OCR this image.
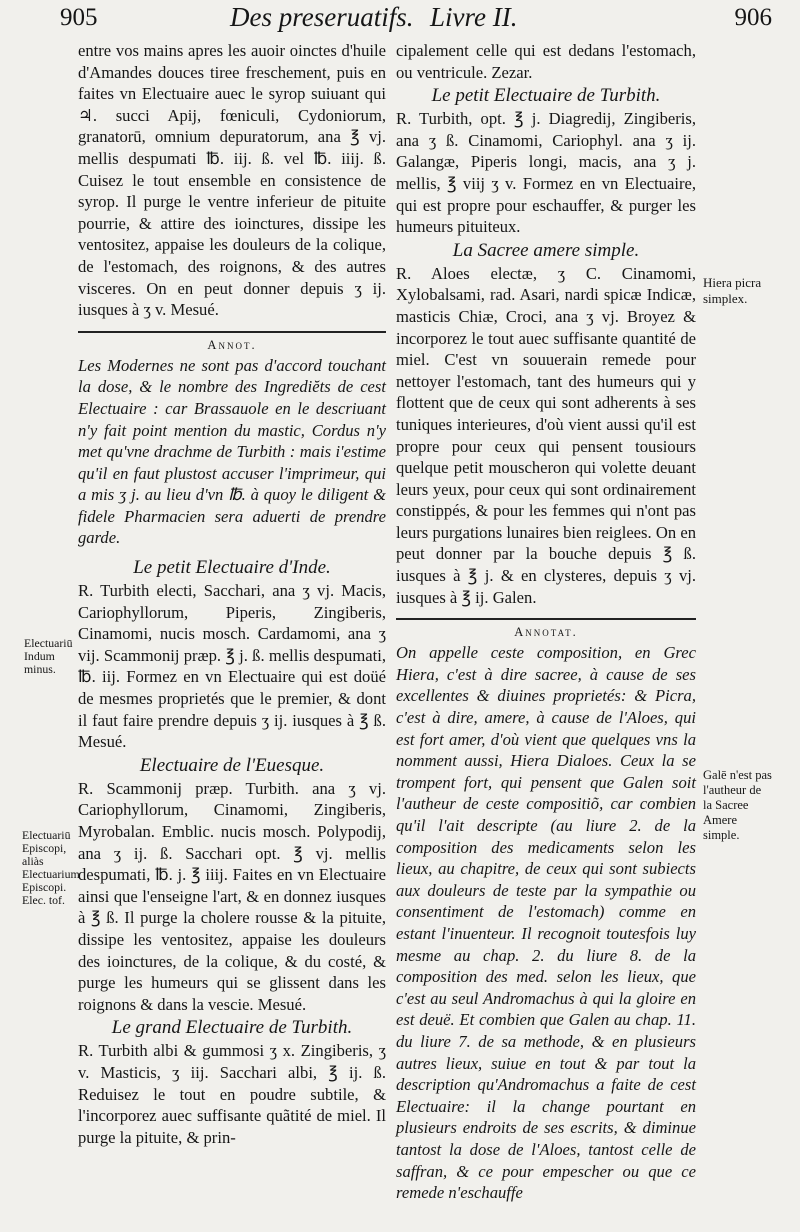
905	Des preseruatifs. Livre II.	906

entre vos mains apres les auoir oinctes d'huile d'Amandes douces tiree freschement, puis en faites vn Electuaire auec le syrop suiuant qui ♃. succi Apij, fœniculi, Cydoniorum, granatorū, omnium depuratorum, ana ℥ vj. mellis despumati ℔. iij. ß. vel ℔. iiij. ß. Cuisez le tout ensemble en consistence de syrop. Il purge le ventre inferieur de pituite pourrie, & attire des ioinctures, dissipe les ventositez, appaise les douleurs de la colique, de l'estomach, des roignons, & des autres visceres. On en peut donner depuis ʒ ij. iusques à ʒ v. Mesué.

Annot.

Les Modernes ne sont pas d'accord touchant la dose, & le nombre des Ingrediĕts de cest Electuaire : car Brassauole en le descriuant n'y fait point mention du mastic, Cordus n'y met qu'vne drachme de Turbith : mais i'estime qu'il en faut plustost accuser l'imprimeur, qui a mis ʒ j. au lieu d'vn ℔. à quoy le diligent & fidele Pharmacien sera aduerti de prendre garde.

Le petit Electuaire d'Inde.

R. Turbith electi, Sacchari, ana ʒ vj. Macis, Cariophyllorum, Piperis, Zingiberis, Cinamomi, nucis mosch. Cardamomi, ana ʒ vij. Scammonij præp. ℥ j. ß. mellis despumati, ℔. iij. Formez en vn Electuaire qui est doüé de mesmes proprietés que le premier, & dont il faut faire prendre depuis ʒ ij. iusques à ℥ ß. Mesué.

Electuaire de l'Euesque.

R. Scammonij præp. Turbith. ana ʒ vj. Cariophyllorum, Cinamomi, Zingiberis, Myrobalan. Emblic. nucis mosch. Polypodij, ana ʒ ij. ß. Sacchari opt. ℥ vj. mellis despumati, ℔. j. ℥ iiij. Faites en vn Electuaire ainsi que l'enseigne l'art, & en donnez iusques à ℥ ß. Il purge la cholere rousse & la pituite, dissipe les ventositez, appaise les douleurs des ioinctures, de la colique, & du costé, & purge les humeurs qui se glissent dans les roignons & dans la vescie. Mesué.

Le grand Electuaire de Turbith.

R. Turbith albi & gummosi ʒ x. Zingiberis, ʒ v. Masticis, ʒ iij. Sacchari albi, ℥ ij. ß. Reduisez le tout en poudre subtile, & l'incorporez auec suffisante quãtité de miel. Il purge la pituite, & prin-

cipalement celle qui est dedans l'estomach, ou ventricule. Zezar.

Le petit Electuaire de Turbith.

R. Turbith, opt. ℥ j. Diagredij, Zingiberis, ana ʒ ß. Cinamomi, Cariophyl. ana ʒ ij. Galangæ, Piperis longi, macis, ana ʒ j. mellis, ℥ viij ʒ v. Formez en vn Electuaire, qui est propre pour eschauffer, & purger les humeurs pituiteux.

La Sacree amere simple.

R. Aloes electæ, ʒ C. Cinamomi, Xylobalsami, rad. Asari, nardi spicæ Indicæ, masticis Chiæ, Croci, ana ʒ vj. Broyez & incorporez le tout auec suffisante quantité de miel. C'est vn souuerain remede pour nettoyer l'estomach, tant des humeurs qui y flottent que de ceux qui sont adherents à ses tuniques interieures, d'où vient aussi qu'il est propre pour ceux qui pensent tousiours quelque petit mouscheron qui volette deuant leurs yeux, pour ceux qui sont ordinairement constippés, & pour les femmes qui n'ont pas leurs purgations lunaires bien reiglees. On en peut donner par la bouche depuis ℥ ß. iusques à ℥ j. & en clysteres, depuis ʒ vj. iusques à ℥ ij. Galen.

Annotat.

On appelle ceste composition, en Grec Hiera, c'est à dire sacree, à cause de ses excellentes & diuines proprietés: & Picra, c'est à dire, amere, à cause de l'Aloes, qui est fort amer, d'où vient que quelques vns la nomment aussi, Hiera Dialoes. Ceux la se trompent fort, qui pensent que Galen soit l'autheur de ceste compositiõ, car combien qu'il l'ait descripte (au liure 2. de la composition des medicaments selon les lieux, au chapitre, de ceux qui sont subiects aux douleurs de teste par la sympathie ou consentiment de l'estomach) comme en estant l'inuenteur. Il recognoit toutesfois luy mesme au chap. 2. du liure 8. de la composition des med. selon les lieux, que c'est au seul Andromachus à qui la gloire en est deuë. Et combien que Galen au chap. 11. du liure 7. de sa methode, & en plusieurs autres lieux, suiue en tout & par tout la description qu'Andromachus a faite de cest Electuaire: il la change pourtant en plusieurs endroits de ses escrits, & diminue tantost la dose de l'Aloes, tantost celle de saffran, & ce pour empescher ou que ce remede n'eschauffe

Electuariū Indum minus.
Electuariū Episcopi, aliàs Electuarium Episcopi. Elec. tof.
Hiera picra simplex.
Galē n'est pas l'autheur de la Sacree Amere simple.
